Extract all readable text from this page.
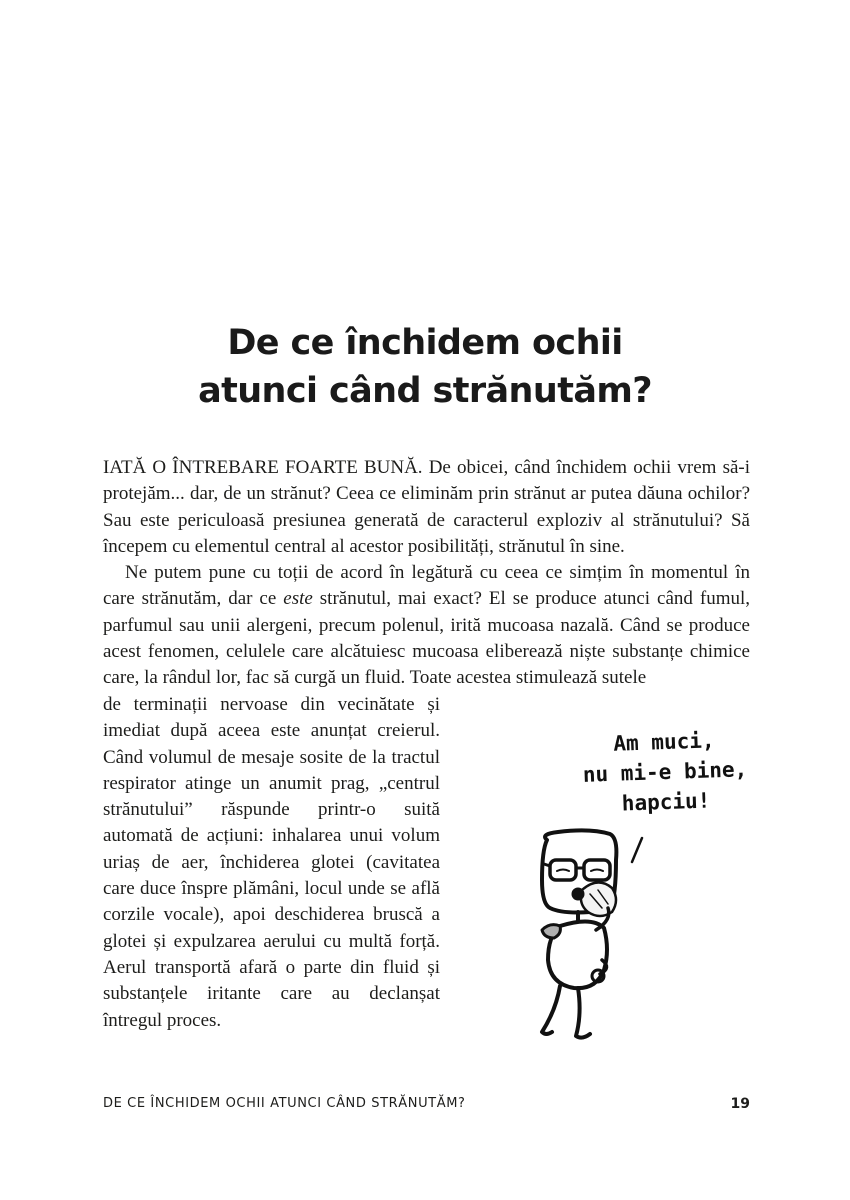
De ce închidem ochii
atunci când strănutăm?

IATĂ O ÎNTREBARE FOARTE BUNĂ. De obicei, când închidem ochii vrem să-i protejăm... dar, de un strănut? Ceea ce eliminăm prin strănut ar putea dăuna ochilor? Sau este periculoasă presiunea generată de caracterul exploziv al strănutului? Să începem cu elementul central al acestor posibilități, strănutul în sine.

Ne putem pune cu toții de acord în legătură cu ceea ce simțim în momentul în care strănutăm, dar ce este strănutul, mai exact? El se produce atunci când fumul, parfumul sau unii alergeni, precum polenul, irită mucoasa nazală. Când se produce acest fenomen, celulele care alcătuiesc mucoasa eliberează niște substanțe chimice care, la rândul lor, fac să curgă un fluid. Toate acestea stimulează sutele

de terminații nervoase din vecinătate și imediat după aceea este anunțat creierul. Când volumul de mesaje sosite de la tractul respirator atinge un anumit prag, „centrul strănutului” răspunde printr-o suită automată de acțiuni: inhalarea unui volum uriaș de aer, închiderea glotei (cavitatea care duce înspre plămâni, locul unde se află corzile vocale), apoi deschiderea bruscă a glotei și expulzarea aerului cu multă forță. Aerul transportă afară o parte din fluid și substanțele iritante care au declanșat întregul proces.

Am muci,
nu mi-e bine,
hapciu!
DE CE ÎNCHIDEM OCHII ATUNCI CÂND STRĂNUTĂM?	19
